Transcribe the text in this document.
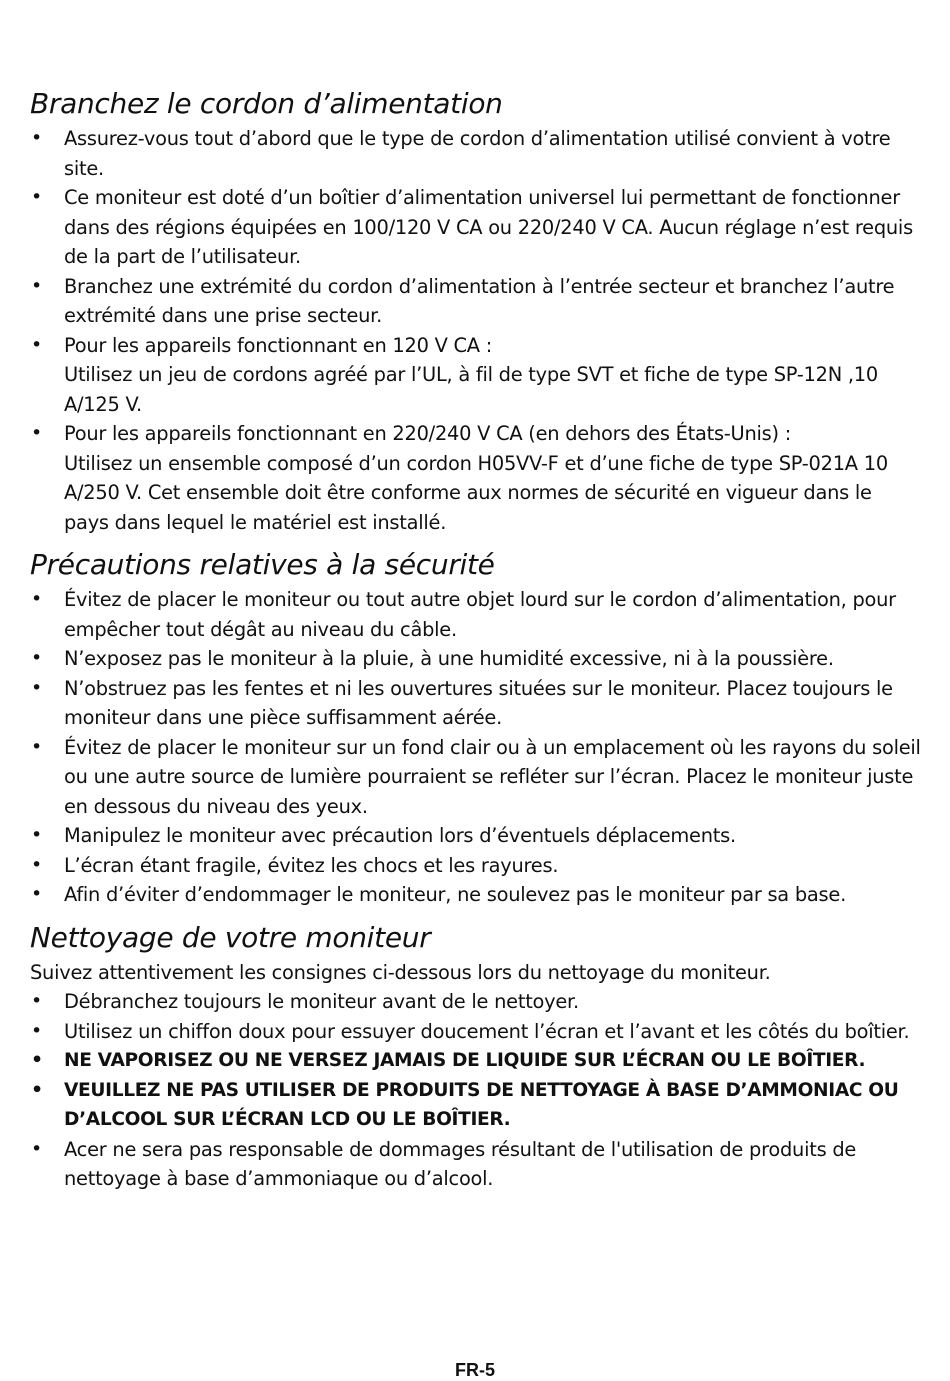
Branchez le cordon d’alimentation
• Assurez-vous tout d’abord que le type de cordon d’alimentation utilisé convient à votre site.
• Ce moniteur est doté d’un boîtier d’alimentation universel lui permettant de fonctionner dans des régions équipées en 100/120 V CA ou 220/240 V CA. Aucun réglage n’est requis de la part de l’utilisateur.
• Branchez une extrémité du cordon d’alimentation à l’entrée secteur et branchez l’autre extrémité dans une prise secteur.
• Pour les appareils fonctionnant en 120 V CA :
Utilisez un jeu de cordons agréé par l’UL, à fil de type SVT et fiche de type SP-12N ,10 A/125 V.
• Pour les appareils fonctionnant en 220/240 V CA (en dehors des États-Unis) :
Utilisez un ensemble composé d’un cordon H05VV-F et d’une fiche de type SP-021A 10 A/250 V. Cet ensemble doit être conforme aux normes de sécurité en vigueur dans le pays dans lequel le matériel est installé.
Précautions relatives à la sécurité
• Évitez de placer le moniteur ou tout autre objet lourd sur le cordon d’alimentation, pour empêcher tout dégât au niveau du câble.
• N’exposez pas le moniteur à la pluie, à une humidité excessive, ni à la poussière.
• N’obstruez pas les fentes et ni les ouvertures situées sur le moniteur. Placez toujours le moniteur dans une pièce suffisamment aérée.
• Évitez de placer le moniteur sur un fond clair ou à un emplacement où les rayons du soleil ou une autre source de lumière pourraient se refléter sur l’écran. Placez le moniteur juste en dessous du niveau des yeux.
• Manipulez le moniteur avec précaution lors d’éventuels déplacements.
• L’écran étant fragile, évitez les chocs et les rayures.
• Afin d’éviter d’endommager le moniteur, ne soulevez pas le moniteur par sa base.
Nettoyage de votre moniteur

Suivez attentivement les consignes ci-dessous lors du nettoyage du moniteur.

• Débranchez toujours le moniteur avant de le nettoyer.
• Utilisez un chiffon doux pour essuyer doucement l’écran et l’avant et les côtés du boîtier.
• NE VAPORISEZ OU NE VERSEZ JAMAIS DE LIQUIDE SUR L’ÉCRAN OU LE BOÎTIER.
• VEUILLEZ NE PAS UTILISER DE PRODUITS DE NETTOYAGE À BASE D’AMMONIAC OU D’ALCOOL SUR L’ÉCRAN LCD OU LE BOÎTIER.
• Acer ne sera pas responsable de dommages résultant de l'utilisation de produits de nettoyage à base d’ammoniaque ou d’alcool.
FR-5
